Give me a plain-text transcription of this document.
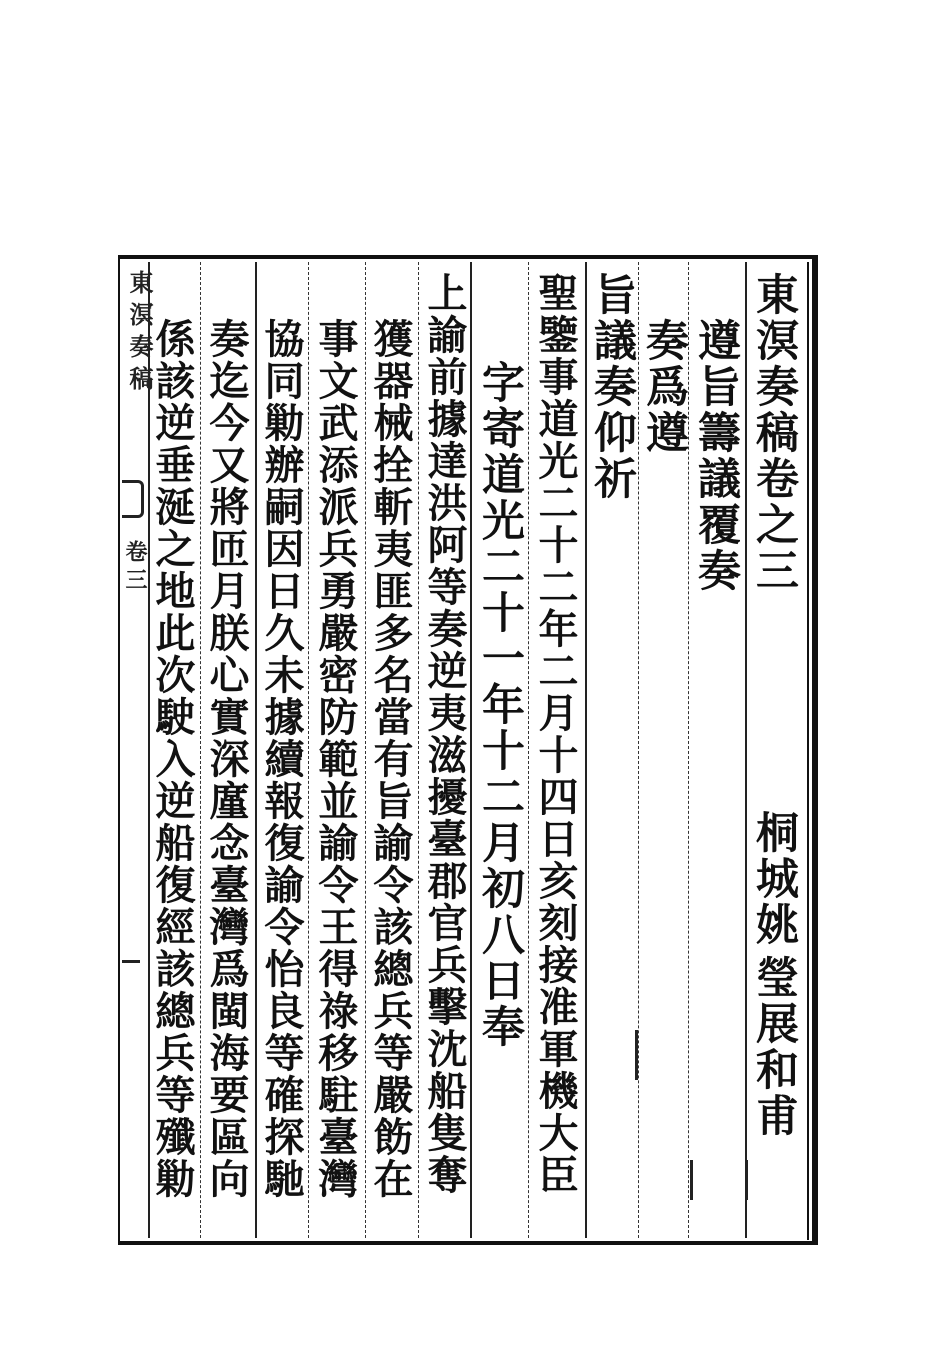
東溟奏稿
卷三	東溟奏稿卷之三
桐城姚
瑩展和甫
遵旨籌議覆奏
奏爲遵
旨議奏仰祈
聖鑒事道光二十二年二月十四日亥刻接准軍機大臣
字寄道光二十一年十二月初八日奉
上諭前據達洪阿等奏逆夷滋擾臺郡官兵擊沈船隻奪
獲器械拴斬夷匪多名當有旨諭令該總兵等嚴飭在
事文武添派兵勇嚴密防範並諭令王得祿移駐臺灣
協同勦辦嗣因日久未據續報復諭令怡良等確探馳
奏迄今又將匝月朕心實深廑念臺灣爲閩海要區向
係該逆垂涎之地此次駛入逆船復經該總兵等殲勦
